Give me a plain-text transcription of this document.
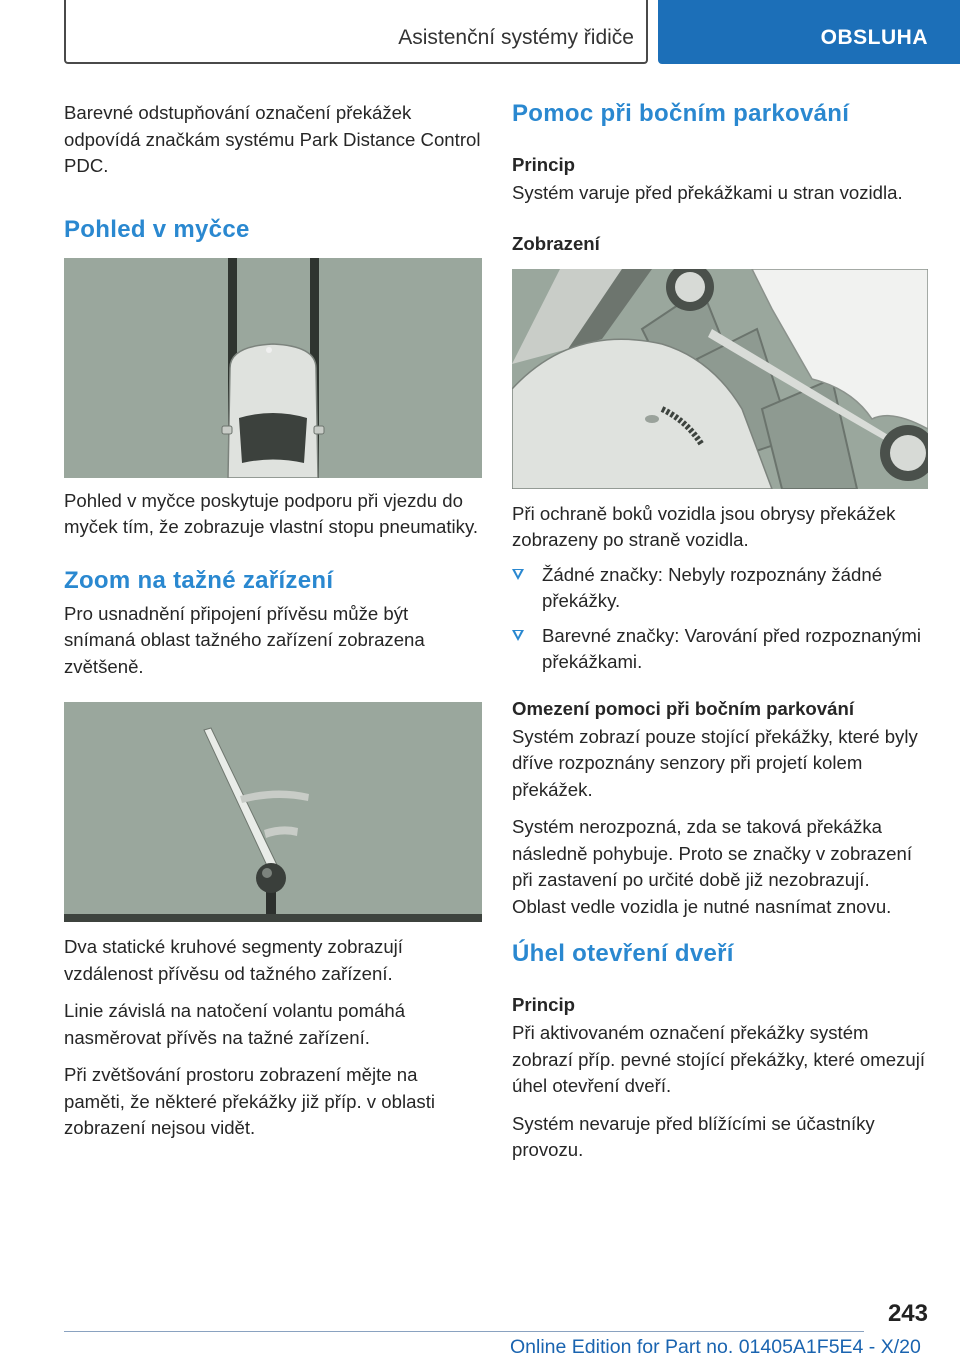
Asistenční systémy řidiče	OBSLUHA

Barevné odstupňování označení překážek odpovídá značkám systému Park Distance Control PDC.

Pohled v myčce

Pohled v myčce poskytuje podporu při vjezdu do myček tím, že zobrazuje vlastní stopu pneumatiky.

Zoom na tažné zařízení

Pro usnadnění připojení přívěsu může být snímaná oblast tažného zařízení zobrazena zvětšeně.

Dva statické kruhové segmenty zobrazují vzdálenost přívěsu od tažného zařízení.

Linie závislá na natočení volantu pomáhá nasměrovat přívěs na tažné zařízení.

Při zvětšování prostoru zobrazení mějte na paměti, že některé překážky již příp. v oblasti zobrazení nejsou vidět.

Pomoc při bočním parkování
Princip

Systém varuje před překážkami u stran vozidla.

Zobrazení

Při ochraně boků vozidla jsou obrysy překážek zobrazeny po straně vozidla.

Žádné značky: Nebyly rozpoznány žádné překážky.
Barevné značky: Varování před rozpoznanými překážkami.
Omezení pomoci při bočním parkování

Systém zobrazí pouze stojící překážky, které byly dříve rozpoznány senzory při projetí kolem překážek.

Systém nerozpozná, zda se taková překážka následně pohybuje. Proto se značky v zobrazení při zastavení po určité době již nezobrazují. Oblast vedle vozidla je nutné nasnímat znovu.

Úhel otevření dveří
Princip

Při aktivovaném označení překážky systém zobrazí příp. pevné stojící překážky, které omezují úhel otevření dveří.

Systém nevaruje před blížícími se účastníky provozu.

243
Online Edition for Part no. 01405A1F5E4 - X/20
